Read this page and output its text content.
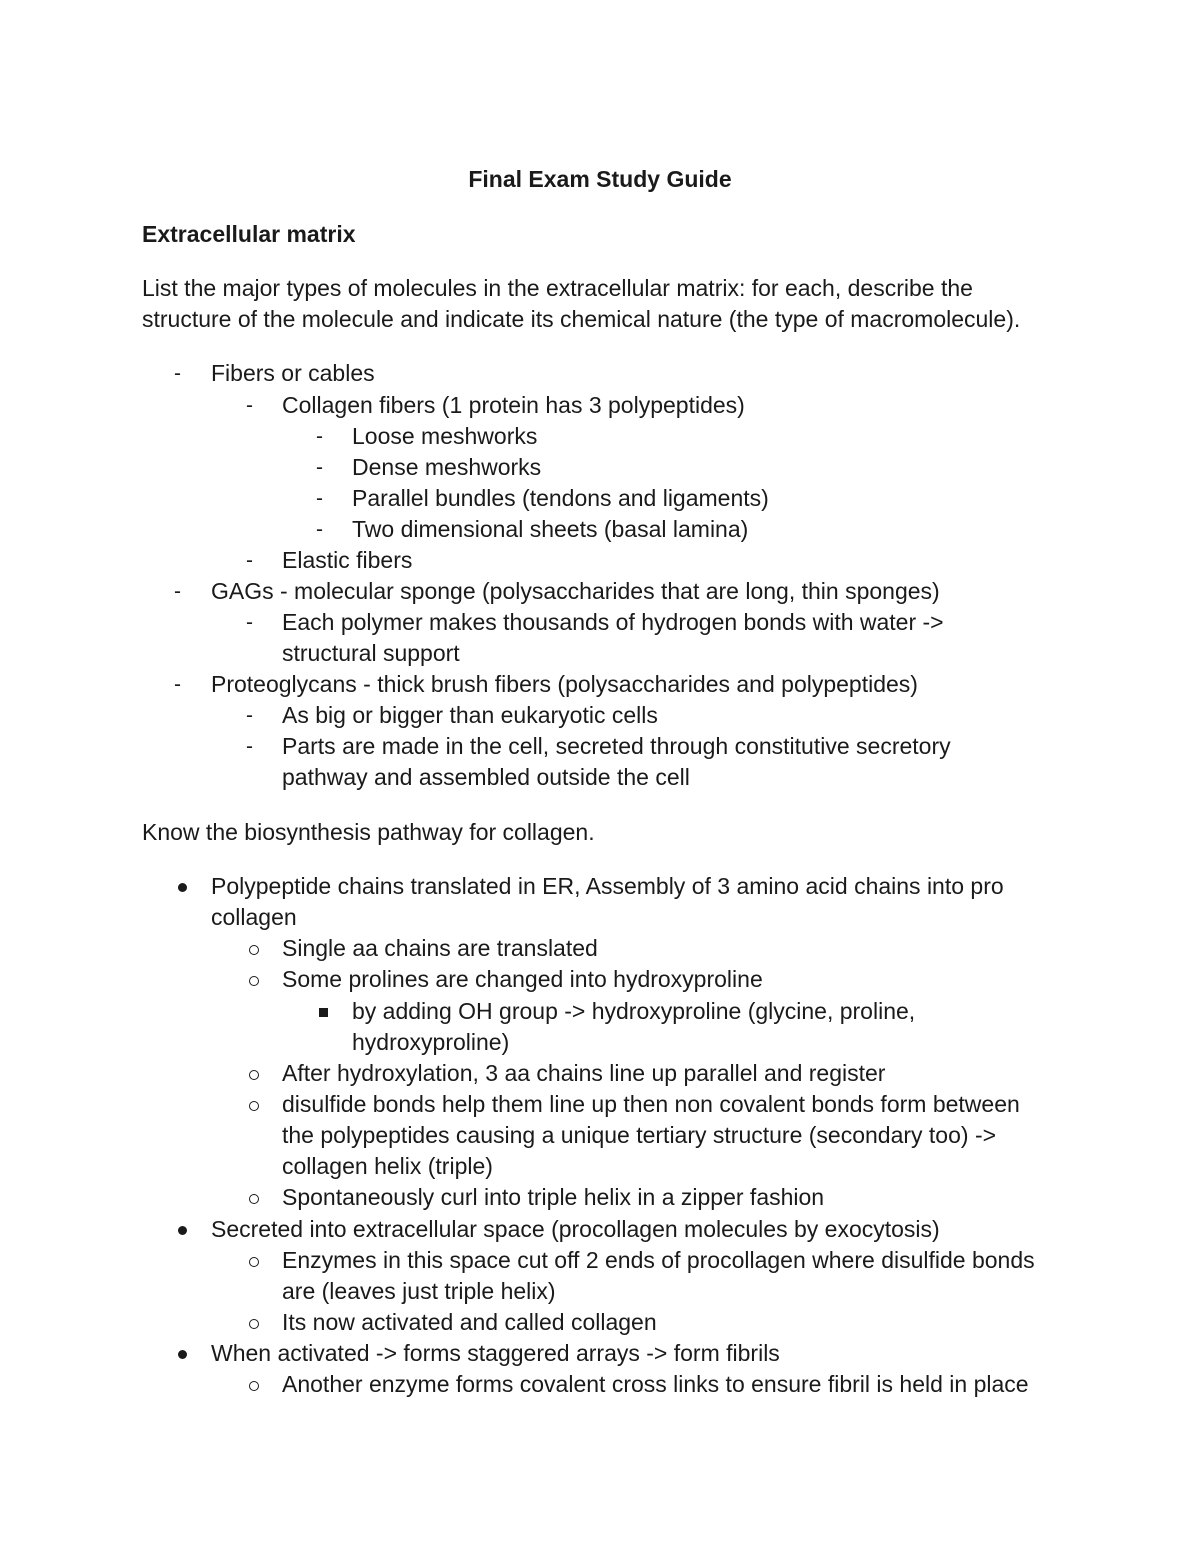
Final Exam Study Guide
Extracellular matrix
List the major types of molecules in the extracellular matrix: for each, describe the
structure of the molecule and indicate its chemical nature (the type of macromolecule).
- Fibers or cables
- Collagen fibers (1 protein has 3 polypeptides)
- Loose meshworks
- Dense meshworks
- Parallel bundles (tendons and ligaments)
- Two dimensional sheets (basal lamina)
- Elastic fibers
- GAGs - molecular sponge (polysaccharides that are long, thin sponges)
- Each polymer makes thousands of hydrogen bonds with water ->
structural support
- Proteoglycans - thick brush fibers (polysaccharides and polypeptides)
- As big or bigger than eukaryotic cells
- Parts are made in the cell, secreted through constitutive secretory
pathway and assembled outside the cell
Know the biosynthesis pathway for collagen.
Polypeptide chains translated in ER, Assembly of 3 amino acid chains into pro
collagen
Single aa chains are translated
Some prolines are changed into hydroxyproline
by adding OH group -> hydroxyproline (glycine, proline,
hydroxyproline)
After hydroxylation, 3 aa chains line up parallel and register
disulfide bonds help them line up then non covalent bonds form between
the polypeptides causing a unique tertiary structure (secondary too) ->
collagen helix (triple)
Spontaneously curl into triple helix in a zipper fashion
Secreted into extracellular space (procollagen molecules by exocytosis)
Enzymes in this space cut off 2 ends of procollagen where disulfide bonds
are (leaves just triple helix)
Its now activated and called collagen
When activated -> forms staggered arrays -> form fibrils
Another enzyme forms covalent cross links to ensure fibril is held in place
